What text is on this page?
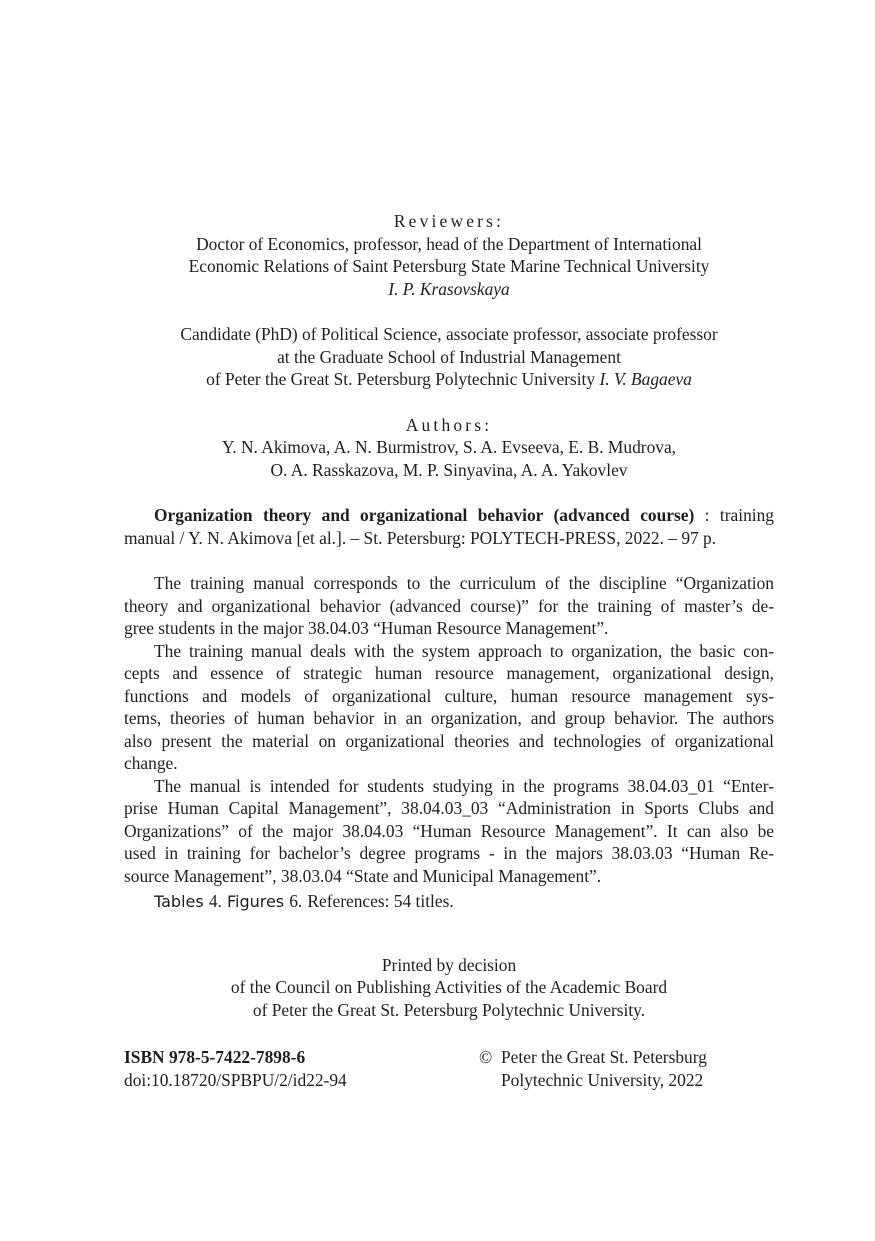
Reviewers:
Doctor of Economics, professor, head of the Department of International
Economic Relations of Saint Petersburg State Marine Technical University
I. P. Krasovskaya
Candidate (PhD) of Political Science, associate professor, associate professor
at the Graduate School of Industrial Management
of Peter the Great St. Petersburg Polytechnic University I. V. Bagaeva
Authors:
Y. N. Akimova, A. N. Burmistrov, S. A. Evseeva, E. B. Mudrova,
O. A. Rasskazova, M. P. Sinyavina, A. A. Yakovlev
Organization theory and organizational behavior (advanced course) : training
manual / Y. N. Akimova [et al.]. – St. Petersburg: POLYTECH-PRESS, 2022. – 97 p.
The training manual corresponds to the curriculum of the discipline “Organization
theory and organizational behavior (advanced course)” for the training of master’s de-
gree students in the major 38.04.03 “Human Resource Management”.
The training manual deals with the system approach to organization, the basic con-
cepts and essence of strategic human resource management, organizational design,
functions and models of organizational culture, human resource management sys-
tems, theories of human behavior in an organization, and group behavior. The authors
also present the material on organizational theories and technologies of organizational
change.
The manual is intended for students studying in the programs 38.04.03_01 “Enter-
prise Human Capital Management”, 38.04.03_03 “Administration in Sports Clubs and
Organizations” of the major 38.04.03 “Human Resource Management”. It can also be
used in training for bachelor’s degree programs - in the majors 38.03.03 “Human Re-
source Management”, 38.03.04 “State and Municipal Management”.
Tables 4. Figures 6. References: 54 titles.
Printed by decision
of the Council on Publishing Activities of the Academic Board
of Peter the Great St. Petersburg Polytechnic University.
ISBN 978-5-7422-7898-6
doi:10.18720/SPBPU/2/id22-94
© Peter the Great St. Petersburg
Polytechnic University, 2022
